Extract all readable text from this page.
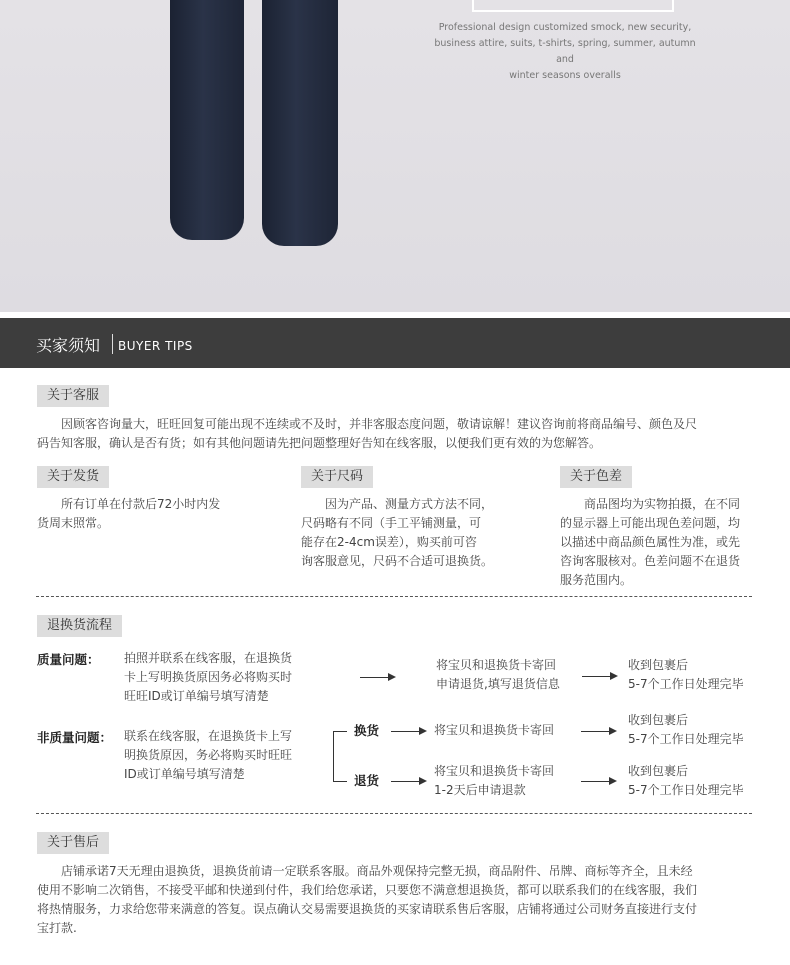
Professional design customized smock, new security,
business attire, suits, t-shirts, spring, summer, autumn and
winter seasons overalls
买家须知 BUYER TIPS
关于客服
　　因顾客咨询量大，旺旺回复可能出现不连续或不及时，并非客服态度问题，敬请谅解！建议咨询前将商品编号、颜色及尺
码告知客服，确认是否有货；如有其他问题请先把问题整理好告知在线客服，以便我们更有效的为您解答。
关于发货
　　所有订单在付款后72小时内发
货周末照常。
关于尺码
　　因为产品、测量方式方法不同，
尺码略有不同（手工平铺测量，可
能存在2-4cm误差），购买前可咨
询客服意见，尺码不合适可退换货。
关于色差
　　商品图均为实物拍摄，在不同
的显示器上可能出现色差问题，均
以描述中商品颜色属性为准，或先
咨询客服核对。色差问题不在退货
服务范围内。
退换货流程
质量问题： 拍照并联系在线客服，在退换货
卡上写明换货原因务必将购买时
旺旺ID或订单编号填写清楚
将宝贝和退换货卡寄回
申请退货,填写退货信息
收到包裹后
5-7个工作日处理完毕
非质量问题： 联系在线客服，在退换货卡上写
明换货原因，务必将购买时旺旺
ID或订单编号填写清楚
换货	将宝贝和退换货卡寄回
收到包裹后
5-7个工作日处理完毕
退货
将宝贝和退换货卡寄回
1-2天后申请退款
收到包裹后
5-7个工作日处理完毕
关于售后
　　店铺承诺7天无理由退换货，退换货前请一定联系客服。商品外观保持完整无损，商品附件、吊牌、商标等齐全，且未经
使用不影响二次销售，不接受平邮和快递到付件，我们给您承诺，只要您不满意想退换货，都可以联系我们的在线客服，我们
将热情服务，力求给您带来满意的答复。误点确认交易需要退换货的买家请联系售后客服，店铺将通过公司财务直接进行支付
宝打款.
